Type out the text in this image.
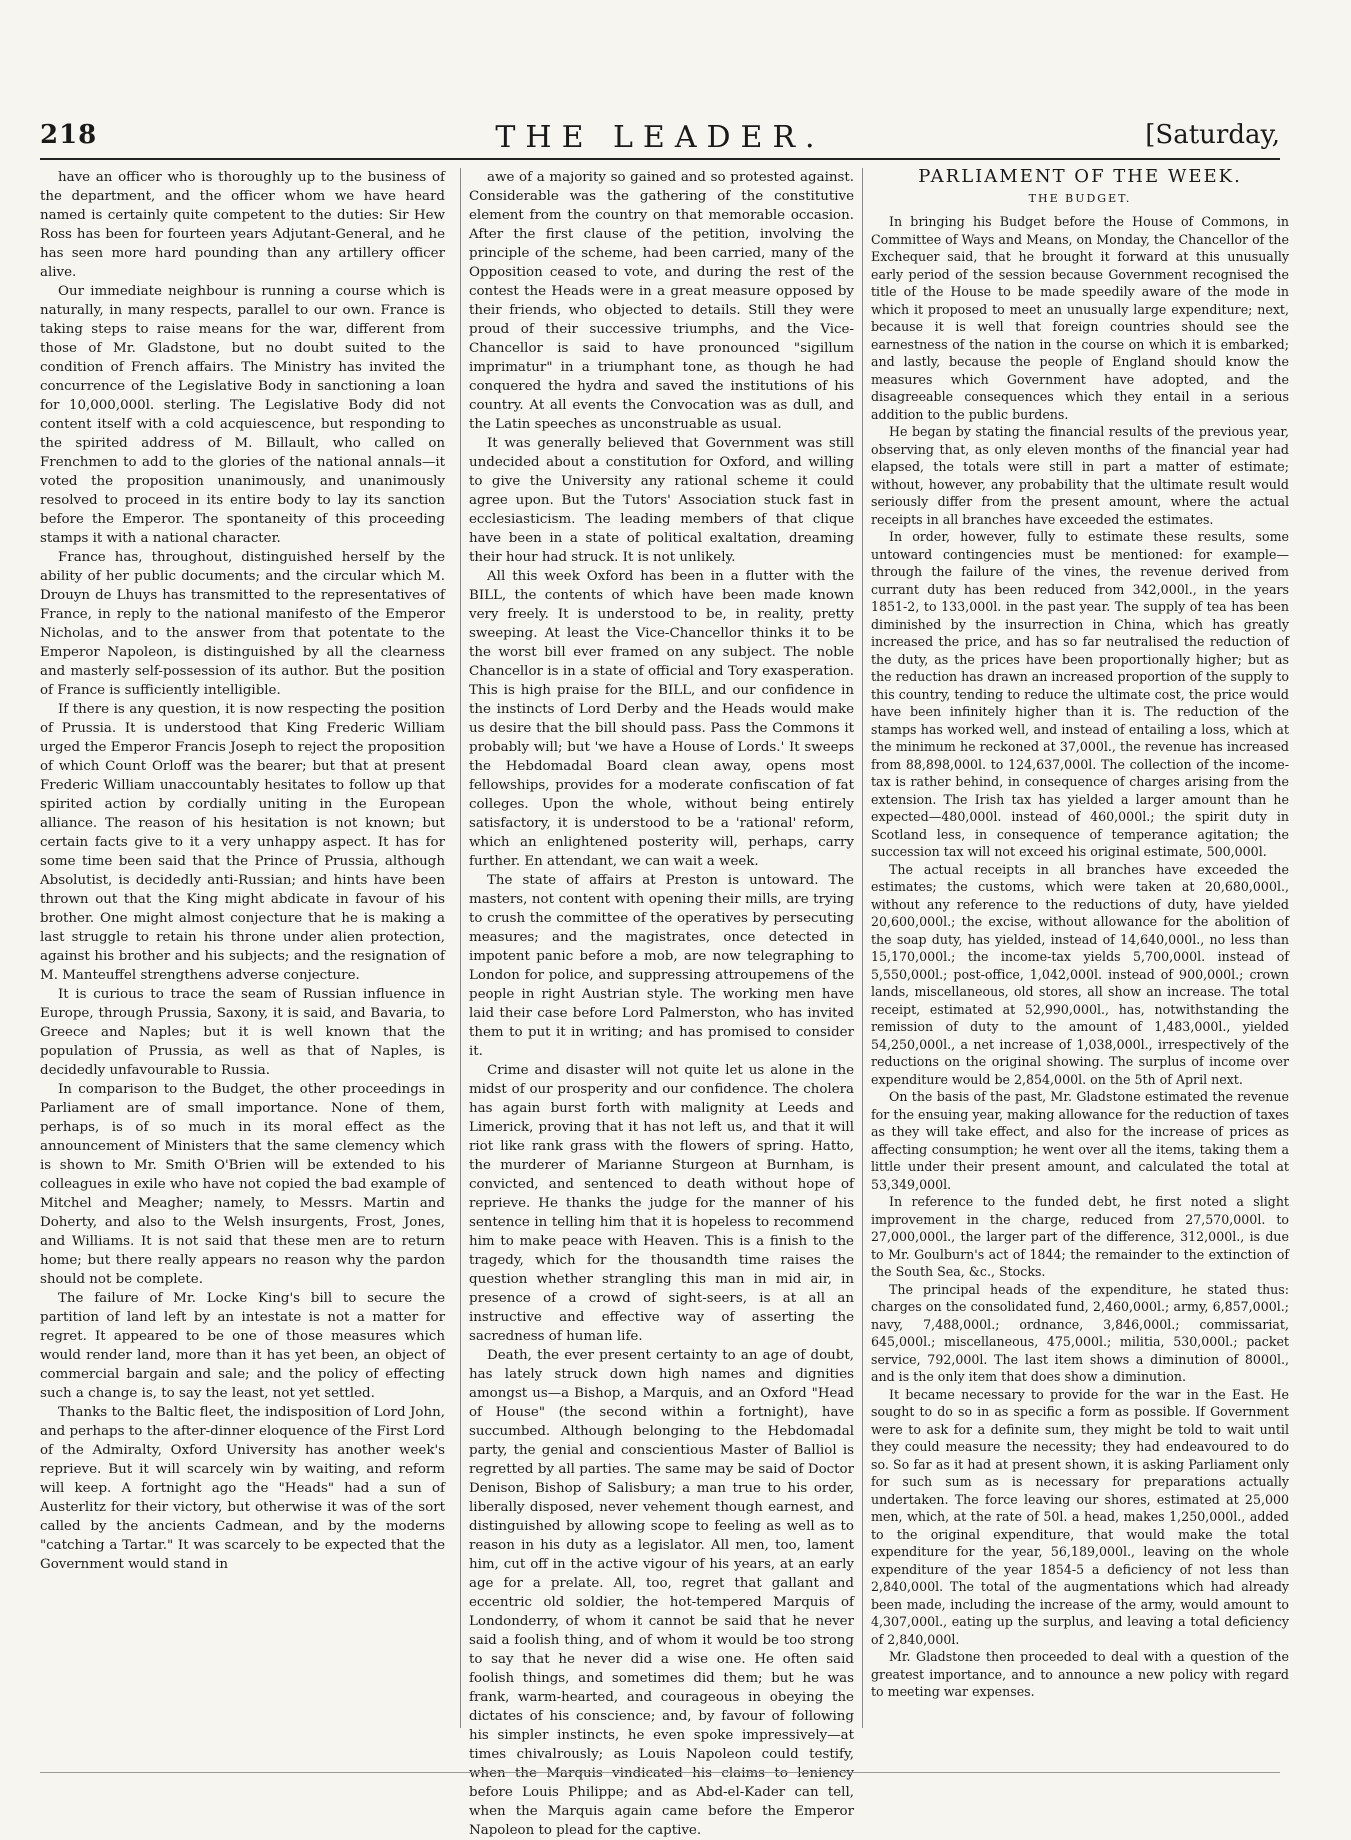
218	THE LEADER.	[Saturday,

have an officer who is thoroughly up to the business of the department, and the officer whom we have heard named is certainly quite competent to the duties: Sir Hew Ross has been for fourteen years Adjutant-General, and he has seen more hard pounding than any artillery officer alive.

Our immediate neighbour is running a course which is naturally, in many respects, parallel to our own. France is taking steps to raise means for the war, different from those of Mr. Gladstone, but no doubt suited to the condition of French affairs. The Ministry has invited the concurrence of the Legislative Body in sanctioning a loan for 10,000,000l. sterling. The Legislative Body did not content itself with a cold acquiescence, but responding to the spirited address of M. Billault, who called on Frenchmen to add to the glories of the national annals—it voted the proposition unanimously, and unanimously resolved to proceed in its entire body to lay its sanction before the Emperor. The spontaneity of this proceeding stamps it with a national character.

France has, throughout, distinguished herself by the ability of her public documents; and the circular which M. Drouyn de Lhuys has transmitted to the representatives of France, in reply to the national manifesto of the Emperor Nicholas, and to the answer from that potentate to the Emperor Napoleon, is distinguished by all the clearness and masterly self-possession of its author. But the position of France is sufficiently intelligible.

If there is any question, it is now respecting the position of Prussia. It is understood that King Frederic William urged the Emperor Francis Joseph to reject the proposition of which Count Orloff was the bearer; but that at present Frederic William unaccountably hesitates to follow up that spirited action by cordially uniting in the European alliance. The reason of his hesitation is not known; but certain facts give to it a very unhappy aspect. It has for some time been said that the Prince of Prussia, although Absolutist, is decidedly anti-Russian; and hints have been thrown out that the King might abdicate in favour of his brother. One might almost conjecture that he is making a last struggle to retain his throne under alien protection, against his brother and his subjects; and the resignation of M. Manteuffel strengthens adverse conjecture.

It is curious to trace the seam of Russian influence in Europe, through Prussia, Saxony, it is said, and Bavaria, to Greece and Naples; but it is well known that the population of Prussia, as well as that of Naples, is decidedly unfavourable to Russia.

In comparison to the Budget, the other proceedings in Parliament are of small importance. None of them, perhaps, is of so much in its moral effect as the announcement of Ministers that the same clemency which is shown to Mr. Smith O'Brien will be extended to his colleagues in exile who have not copied the bad example of Mitchel and Meagher; namely, to Messrs. Martin and Doherty, and also to the Welsh insurgents, Frost, Jones, and Williams. It is not said that these men are to return home; but there really appears no reason why the pardon should not be complete.

The failure of Mr. Locke King's bill to secure the partition of land left by an intestate is not a matter for regret. It appeared to be one of those measures which would render land, more than it has yet been, an object of commercial bargain and sale; and the policy of effecting such a change is, to say the least, not yet settled.

Thanks to the Baltic fleet, the indisposition of Lord John, and perhaps to the after-dinner eloquence of the First Lord of the Admiralty, Oxford University has another week's reprieve. But it will scarcely win by waiting, and reform will keep. A fortnight ago the "Heads" had a sun of Austerlitz for their victory, but otherwise it was of the sort called by the ancients Cadmean, and by the moderns "catching a Tartar." It was scarcely to be expected that the Government would stand in

awe of a majority so gained and so protested against. Considerable was the gathering of the constitutive element from the country on that memorable occasion. After the first clause of the petition, involving the principle of the scheme, had been carried, many of the Opposition ceased to vote, and during the rest of the contest the Heads were in a great measure opposed by their friends, who objected to details. Still they were proud of their successive triumphs, and the Vice-Chancellor is said to have pronounced "sigillum imprimatur" in a triumphant tone, as though he had conquered the hydra and saved the institutions of his country. At all events the Convocation was as dull, and the Latin speeches as unconstruable as usual.

It was generally believed that Government was still undecided about a constitution for Oxford, and willing to give the University any rational scheme it could agree upon. But the Tutors' Association stuck fast in ecclesiasticism. The leading members of that clique have been in a state of political exaltation, dreaming their hour had struck. It is not unlikely.

All this week Oxford has been in a flutter with the BILL, the contents of which have been made known very freely. It is understood to be, in reality, pretty sweeping. At least the Vice-Chancellor thinks it to be the worst bill ever framed on any subject. The noble Chancellor is in a state of official and Tory exasperation. This is high praise for the BILL, and our confidence in the instincts of Lord Derby and the Heads would make us desire that the bill should pass. Pass the Commons it probably will; but 'we have a House of Lords.' It sweeps the Hebdomadal Board clean away, opens most fellowships, provides for a moderate confiscation of fat colleges. Upon the whole, without being entirely satisfactory, it is understood to be a 'rational' reform, which an enlightened posterity will, perhaps, carry further. En attendant, we can wait a week.

The state of affairs at Preston is untoward. The masters, not content with opening their mills, are trying to crush the committee of the operatives by persecuting measures; and the magistrates, once detected in impotent panic before a mob, are now telegraphing to London for police, and suppressing attroupemens of the people in right Austrian style. The working men have laid their case before Lord Palmerston, who has invited them to put it in writing; and has promised to consider it.

Crime and disaster will not quite let us alone in the midst of our prosperity and our confidence. The cholera has again burst forth with malignity at Leeds and Limerick, proving that it has not left us, and that it will riot like rank grass with the flowers of spring. Hatto, the murderer of Marianne Sturgeon at Burnham, is convicted, and sentenced to death without hope of reprieve. He thanks the judge for the manner of his sentence in telling him that it is hopeless to recommend him to make peace with Heaven. This is a finish to the tragedy, which for the thousandth time raises the question whether strangling this man in mid air, in presence of a crowd of sight-seers, is at all an instructive and effective way of asserting the sacredness of human life.

Death, the ever present certainty to an age of doubt, has lately struck down high names and dignities amongst us—a Bishop, a Marquis, and an Oxford "Head of House" (the second within a fortnight), have succumbed. Although belonging to the Hebdomadal party, the genial and conscientious Master of Balliol is regretted by all parties. The same may be said of Doctor Denison, Bishop of Salisbury; a man true to his order, liberally disposed, never vehement though earnest, and distinguished by allowing scope to feeling as well as to reason in his duty as a legislator. All men, too, lament him, cut off in the active vigour of his years, at an early age for a prelate. All, too, regret that gallant and eccentric old soldier, the hot-tempered Marquis of Londonderry, of whom it cannot be said that he never said a foolish thing, and of whom it would be too strong to say that he never did a wise one. He often said foolish things, and sometimes did them; but he was frank, warm-hearted, and courageous in obeying the dictates of his conscience; and, by favour of following his simpler instincts, he even spoke impressively—at times chivalrously; as Louis Napoleon could testify, when the Marquis vindicated his claims to leniency before Louis Philippe; and as Abd-el-Kader can tell, when the Marquis again came before the Emperor Napoleon to plead for the captive.

PARLIAMENT OF THE WEEK.
THE BUDGET.

In bringing his Budget before the House of Commons, in Committee of Ways and Means, on Monday, the Chancellor of the Exchequer said, that he brought it forward at this unusually early period of the session because Government recognised the title of the House to be made speedily aware of the mode in which it proposed to meet an unusually large expenditure; next, because it is well that foreign countries should see the earnestness of the nation in the course on which it is embarked; and lastly, because the people of England should know the measures which Government have adopted, and the disagreeable consequences which they entail in a serious addition to the public burdens.

He began by stating the financial results of the previous year, observing that, as only eleven months of the financial year had elapsed, the totals were still in part a matter of estimate; without, however, any probability that the ultimate result would seriously differ from the present amount, where the actual receipts in all branches have exceeded the estimates.

In order, however, fully to estimate these results, some untoward contingencies must be mentioned: for example—through the failure of the vines, the revenue derived from currant duty has been reduced from 342,000l., in the years 1851-2, to 133,000l. in the past year. The supply of tea has been diminished by the insurrection in China, which has greatly increased the price, and has so far neutralised the reduction of the duty, as the prices have been proportionally higher; but as the reduction has drawn an increased proportion of the supply to this country, tending to reduce the ultimate cost, the price would have been infinitely higher than it is. The reduction of the stamps has worked well, and instead of entailing a loss, which at the minimum he reckoned at 37,000l., the revenue has increased from 88,898,000l. to 124,637,000l. The collection of the income-tax is rather behind, in consequence of charges arising from the extension. The Irish tax has yielded a larger amount than he expected—480,000l. instead of 460,000l.; the spirit duty in Scotland less, in consequence of temperance agitation; the succession tax will not exceed his original estimate, 500,000l.

The actual receipts in all branches have exceeded the estimates; the customs, which were taken at 20,680,000l., without any reference to the reductions of duty, have yielded 20,600,000l.; the excise, without allowance for the abolition of the soap duty, has yielded, instead of 14,640,000l., no less than 15,170,000l.; the income-tax yields 5,700,000l. instead of 5,550,000l.; post-office, 1,042,000l. instead of 900,000l.; crown lands, miscellaneous, old stores, all show an increase. The total receipt, estimated at 52,990,000l., has, notwithstanding the remission of duty to the amount of 1,483,000l., yielded 54,250,000l., a net increase of 1,038,000l., irrespectively of the reductions on the original showing. The surplus of income over expenditure would be 2,854,000l. on the 5th of April next.

On the basis of the past, Mr. Gladstone estimated the revenue for the ensuing year, making allowance for the reduction of taxes as they will take effect, and also for the increase of prices as affecting consumption; he went over all the items, taking them a little under their present amount, and calculated the total at 53,349,000l.

In reference to the funded debt, he first noted a slight improvement in the charge, reduced from 27,570,000l. to 27,000,000l., the larger part of the difference, 312,000l., is due to Mr. Goulburn's act of 1844; the remainder to the extinction of the South Sea, &c., Stocks.

The principal heads of the expenditure, he stated thus: charges on the consolidated fund, 2,460,000l.; army, 6,857,000l.; navy, 7,488,000l.; ordnance, 3,846,000l.; commissariat, 645,000l.; miscellaneous, 475,000l.; militia, 530,000l.; packet service, 792,000l. The last item shows a diminution of 8000l., and is the only item that does show a diminution.

It became necessary to provide for the war in the East. He sought to do so in as specific a form as possible. If Government were to ask for a definite sum, they might be told to wait until they could measure the necessity; they had endeavoured to do so. So far as it had at present shown, it is asking Parliament only for such sum as is necessary for preparations actually undertaken. The force leaving our shores, estimated at 25,000 men, which, at the rate of 50l. a head, makes 1,250,000l., added to the original expenditure, that would make the total expenditure for the year, 56,189,000l., leaving on the whole expenditure of the year 1854-5 a deficiency of not less than 2,840,000l. The total of the augmentations which had already been made, including the increase of the army, would amount to 4,307,000l., eating up the surplus, and leaving a total deficiency of 2,840,000l.

Mr. Gladstone then proceeded to deal with a question of the greatest importance, and to announce a new policy with regard to meeting war expenses.
